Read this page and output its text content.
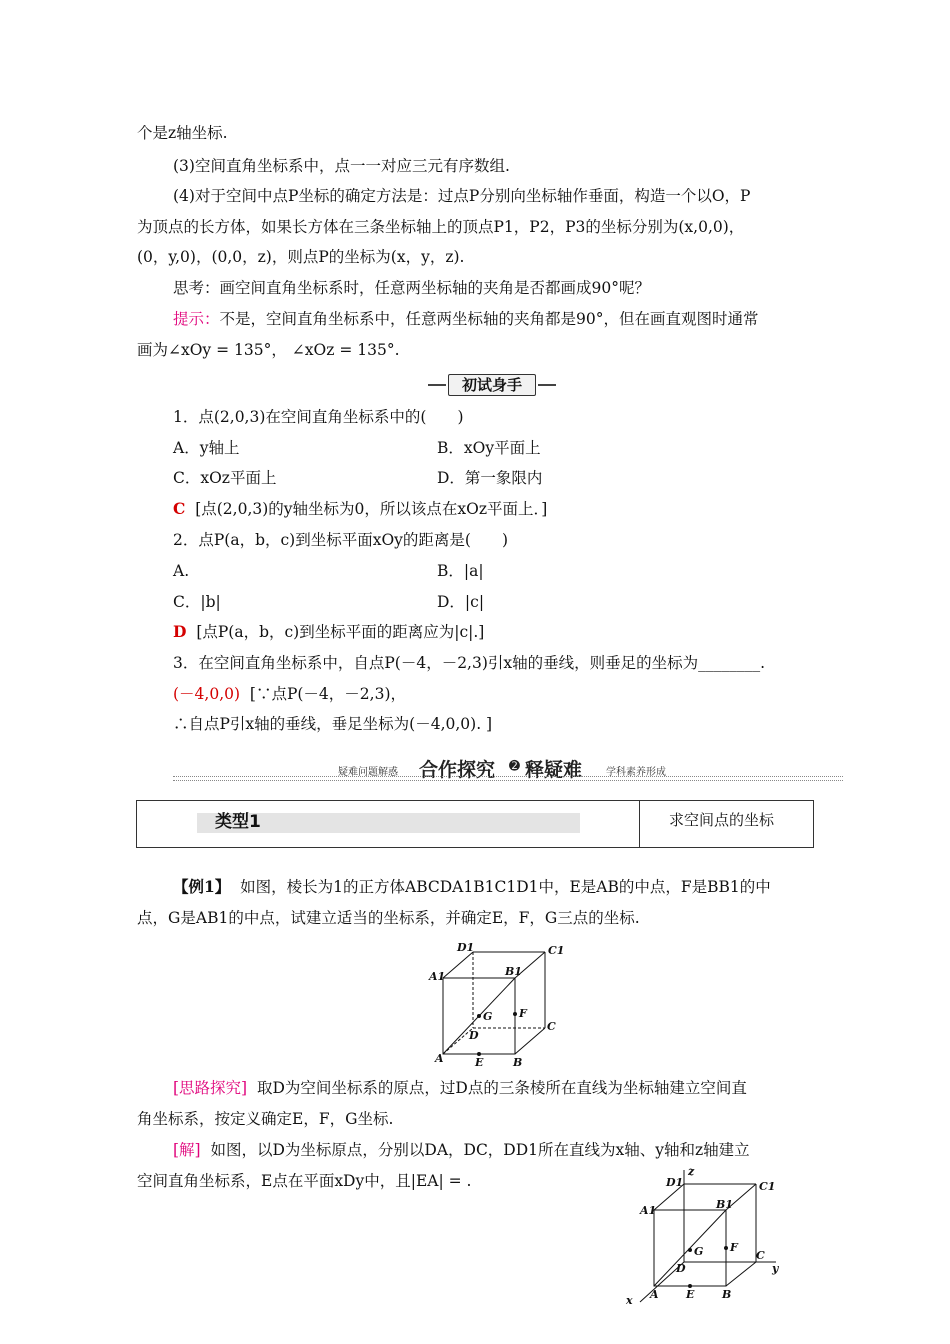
个是z轴坐标.
(3)空间直角坐标系中，点一一对应三元有序数组.
(4)对于空间中点P坐标的确定方法是：过点P分别向坐标轴作垂面，构造一个以O，P
为顶点的长方体，如果长方体在三条坐标轴上的顶点P1，P2，P3的坐标分别为(x,0,0)，
(0，y,0)，(0,0，z)，则点P的坐标为(x，y，z).
思考：画空间直角坐标系时，任意两坐标轴的夹角是否都画成90°呢？
提示：不是，空间直角坐标系中，任意两坐标轴的夹角都是90°，但在画直观图时通常
画为∠xOy = 135°， ∠xOz = 135°.
初试身手
1．点(2,0,3)在空间直角坐标系中的(　　)
A．y轴上	B．xOy平面上
C．xOz平面上	D．第一象限内
C [点(2,0,3)的y轴坐标为0，所以该点在xOz平面上．]
2．点P(a，b，c)到坐标平面xOy的距离是(　　)
A.	B．|a|
C．|b|	D．|c|
D [点P(a，b，c)到坐标平面的距离应为|c|.]
3．在空间直角坐标系中，自点P(－4，－2,3)引x轴的垂线，则垂足的坐标为________.
(－4,0,0) [∵点P(－4，－2,3)，
∴自点P引x轴的垂线，垂足坐标为(－4,0,0). ]
疑难问题解惑 合作探究 ➋ 释疑难 学科素养形成
类型1	求空间点的坐标
【例1】 如图，棱长为1的正方体ABCDA1B1C1D1中，E是AB的中点，F是BB1的中
点，G是AB1的中点，试建立适当的坐标系，并确定E，F，G三点的坐标.
D1	C1
A1	B1
G F
D
C
A	E	B
[思路探究] 取D为空间坐标系的原点，过D点的三条棱所在直线为坐标轴建立空间直
角坐标系，按定义确定E，F，G坐标.
[解] 如图，以D为坐标原点，分别以DA，DC，DD1所在直线为x轴、y轴和z轴建立
空间直角坐标系，E点在平面xDy中，且|EA| = .
z
D1	C1
A1	B1
G F
D
C
y
x A E	B
